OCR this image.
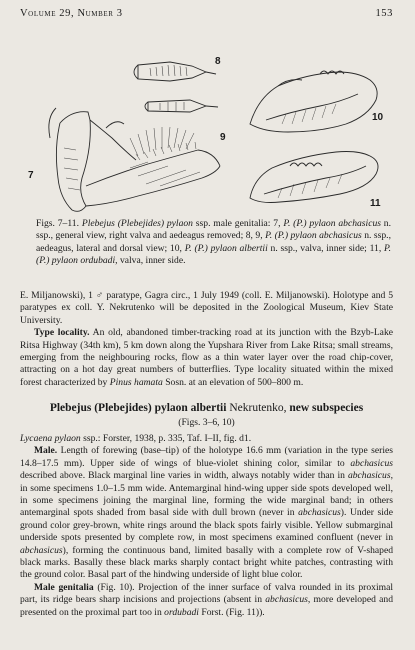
Volume 29, Number 3	153
8
9
10
7
11
Figs. 7–11. Plebejus (Plebejides) pylaon ssp. male genitalia: 7, P. (P.) pylaon abchasicus n. ssp., general view, right valva and aedeagus removed; 8, 9, P. (P.) pylaon abchasicus n. ssp., aedeagus, lateral and dorsal view; 10, P. (P.) pylaon albertii n. ssp., valva, inner side; 11, P. (P.) pylaon ordubadi, valva, inner side.
E. Miljanowski), 1 ♂ paratype, Gagra circ., 1 July 1949 (coll. E. Miljanowski). Holotype and 5 paratypes ex coll. Y. Nekrutenko will be deposited in the Zoological Museum, Kiev State University.
Type locality. An old, abandoned timber-tracking road at its junction with the Bzyb-Lake Ritsa Highway (34th km), 5 km down along the Yupshara River from Lake Ritsa; small streams, emerging from the neighbouring rocks, flow as a thin water layer over the road chip-cover, attracting on a hot day great numbers of butterflies. Type locality situated within the mixed forest characterized by Pinus hamata Sosn. at an elevation of 500–800 m.
Plebejus (Plebejides) pylaon albertii Nekrutenko, new subspecies
(Figs. 3–6, 10)
Lycaena pylaon ssp.: Forster, 1938, p. 335, Taf. I–II, fig. d1.
Male. Length of forewing (base–tip) of the holotype 16.6 mm (variation in the type series 14.8–17.5 mm). Upper side of wings of blue-violet shining color, similar to abchasicus described above. Black marginal line varies in width, always notably wider than in abchasicus, in some specimens 1.0–1.5 mm wide. Antemarginal hind-wing upper side spots developed well, in some specimens joining the marginal line, forming the wide marginal band; in others antemarginal spots shaded from basal side with dull brown (never in abchasicus). Under side ground color grey-brown, white rings around the black spots fairly visible. Yellow submarginal underside spots presented by complete row, in most specimens examined confluent (never in abchasicus), forming the continuous band, limited basally with a complete row of V-shaped black marks. Basally these black marks sharply contact bright white patches, contrasting with the ground color. Basal part of the hindwing underside of light blue color.
Male genitalia (Fig. 10). Projection of the inner surface of valva rounded in its proximal part, its ridge bears sharp incisions and projections (absent in abchasicus, more developed and presented on the proximal part too in ordubadi Forst. (Fig. 11)).
